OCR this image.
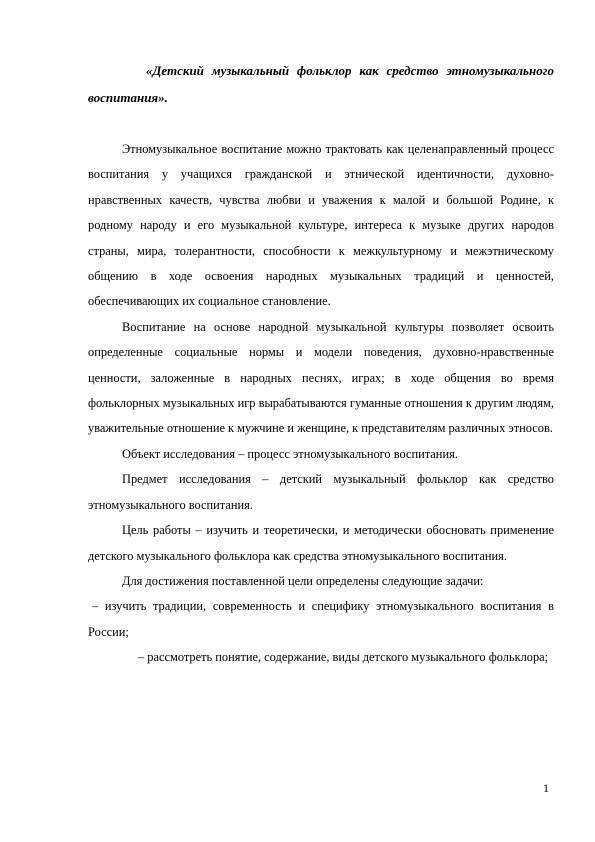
«Детский музыкальный фольклор как средство этномузыкального воспитания».

Этномузыкальное воспитание можно трактовать как целенаправленный процесс воспитания у учащихся гражданской и этнической идентичности, духовно-нравственных качеств, чувства любви и уважения к малой и большой Родине, к родному народу и его музыкальной культуре, интереса к музыке других народов страны, мира, толерантности, способности к межкультурному и межэтническому общению в ходе освоения народных музыкальных традиций и ценностей, обеспечивающих их социальное становление.

Воспитание на основе народной музыкальной культуры позволяет освоить определенные социальные нормы и модели поведения, духовно-нравственные ценности, заложенные в народных песнях, играх; в ходе общения во время фольклорных музыкальных игр вырабатываются гуманные отношения к другим людям, уважительные отношение к мужчине и женщине, к представителям различных этносов.

Объект исследования – процесс этномузыкального воспитания.

Предмет исследования – детский музыкальный фольклор как средство этномузыкального воспитания.

Цель работы – изучить и теоретически, и методически обосновать применение детского музыкального фольклора как средства этномузыкального воспитания.

Для достижения поставленной цели определены следующие задачи:

– изучить традиции, современность и специфику этномузыкального воспитания в России;

– рассмотреть понятие, содержание, виды детского музыкального фольклора;

1
